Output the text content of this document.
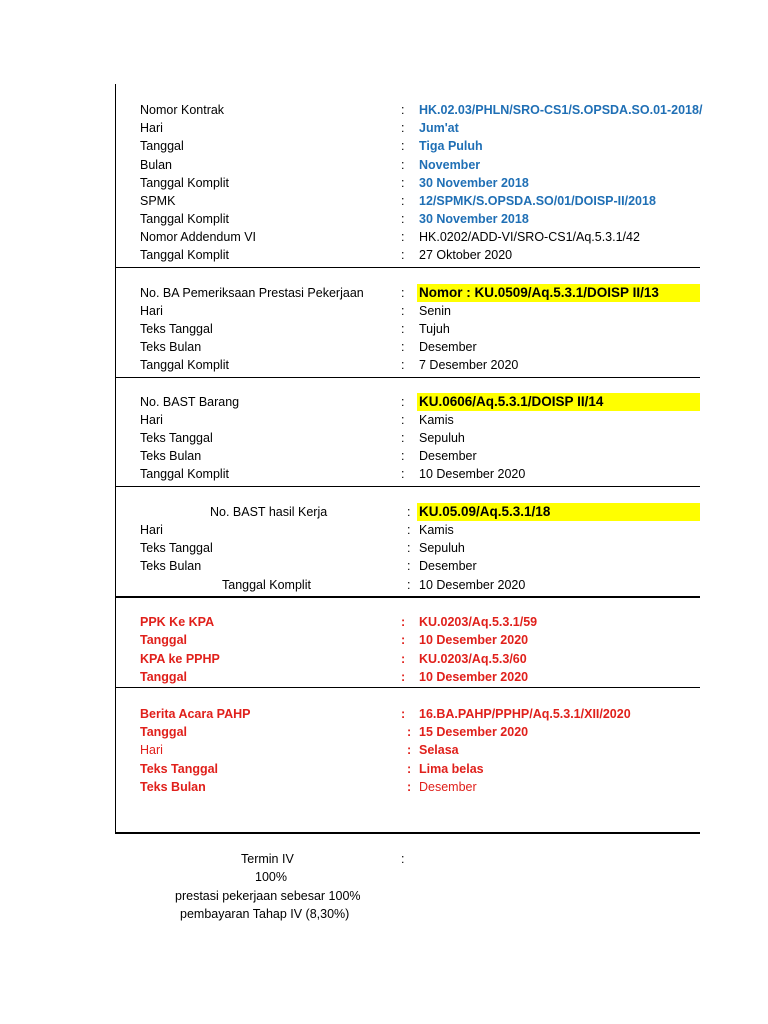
Nomor Kontrak	: HK.02.03/PHLN/SRO-CS1/S.OPSDA.SO.01-2018/
Hari	: Jum'at
Tanggal	: Tiga Puluh
Bulan	: November
Tanggal Komplit	: 30 November 2018
SPMK	: 12/SPMK/S.OPSDA.SO/01/DOISP-II/2018
Tanggal Komplit	: 30 November 2018
Nomor Addendum VI	: HK.0202/ADD-VI/SRO-CS1/Aq.5.3.1/42
Tanggal Komplit	: 27 Oktober 2020
No. BA Pemeriksaan Prestasi Pekerjaan	: Nomor : KU.0509/Aq.5.3.1/DOISP II/13
Hari	: Senin
Teks Tanggal	: Tujuh
Teks Bulan	: Desember
Tanggal Komplit	: 7 Desember 2020
No. BAST Barang	: KU.0606/Aq.5.3.1/DOISP II/14
Hari	: Kamis
Teks Tanggal	: Sepuluh
Teks Bulan	: Desember
Tanggal Komplit	: 10 Desember 2020
No. BAST hasil Kerja	: KU.05.09/Aq.5.3.1/18
Hari	: Kamis
Teks Tanggal	: Sepuluh
Teks Bulan	: Desember
Tanggal Komplit	: 10 Desember 2020
PPK Ke KPA	: KU.0203/Aq.5.3.1/59
Tanggal	: 10 Desember 2020
KPA ke PPHP	: KU.0203/Aq.5.3/60
Tanggal	: 10 Desember 2020
Berita Acara PAHP	: 16.BA.PAHP/PPHP/Aq.5.3.1/XII/2020
Tanggal	: 15 Desember 2020
Hari	: Selasa
Teks Tanggal	: Lima belas
Teks Bulan	: Desember
Termin IV	:
100%
prestasi pekerjaan sebesar 100%
pembayaran Tahap IV (8,30%)
